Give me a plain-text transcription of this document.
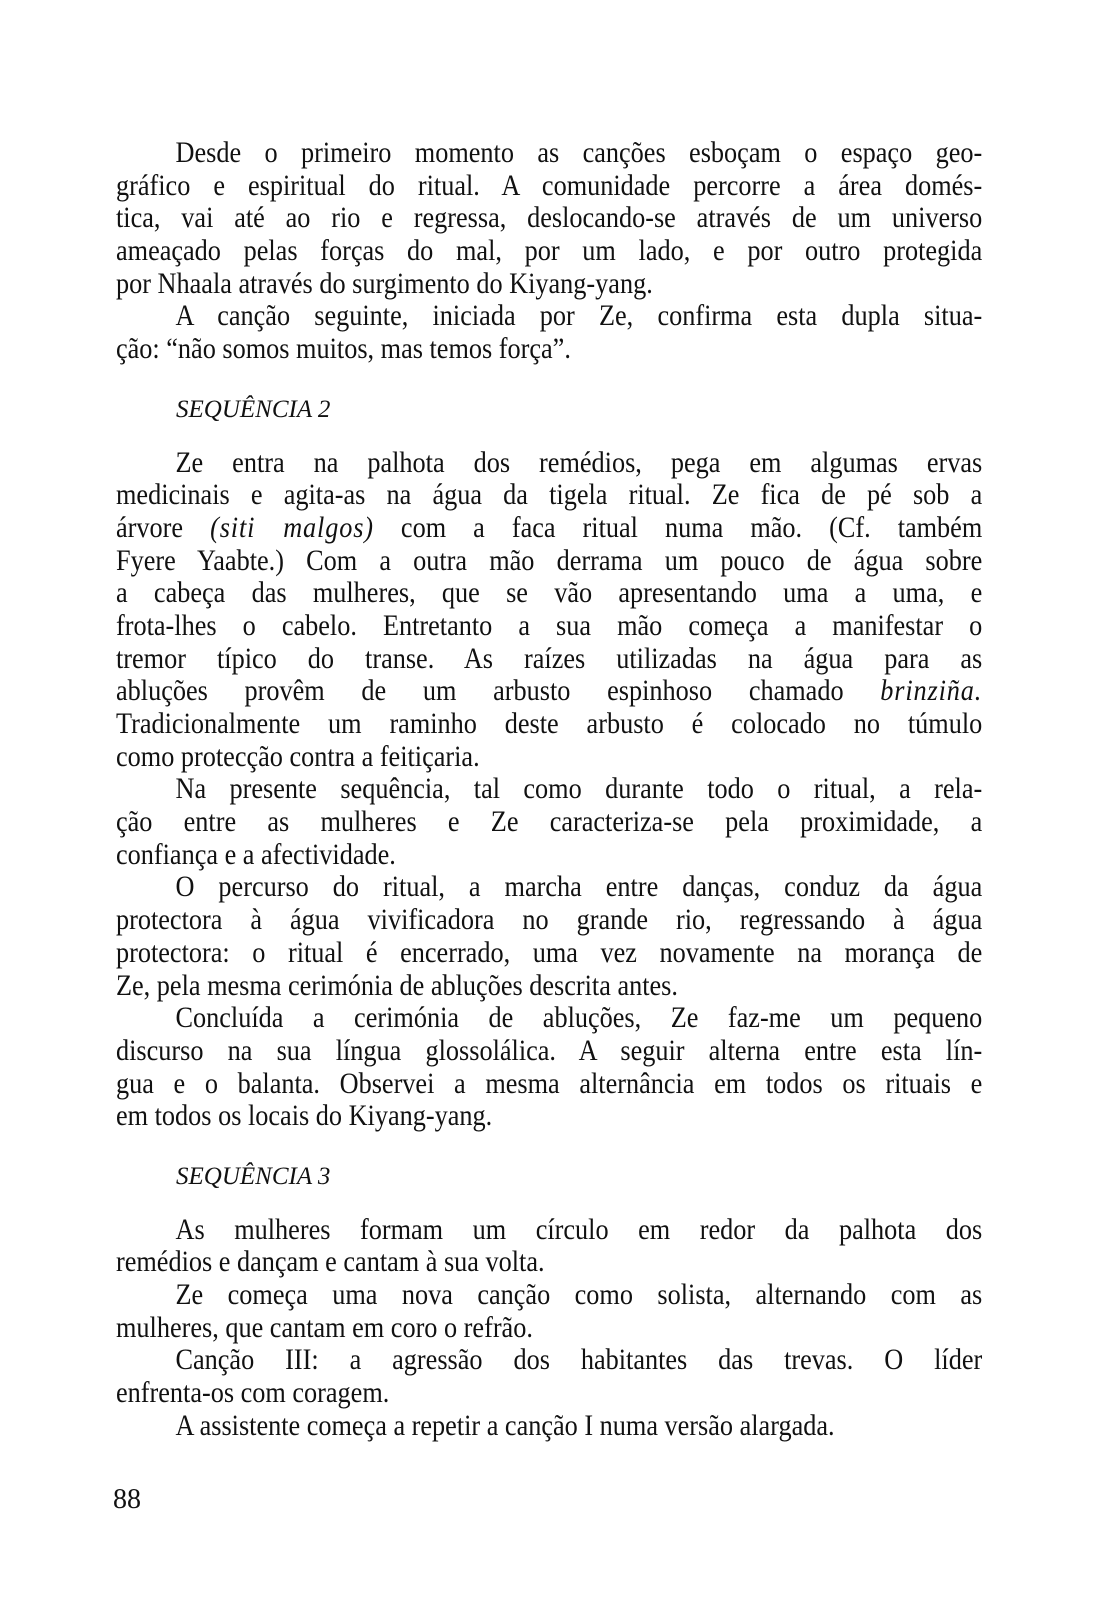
Desde o primeiro momento as canções esboçam o espaço geo-
gráfico e espiritual do ritual. A comunidade percorre a área domés-
tica, vai até ao rio e regressa, deslocando-se através de um universo
ameaçado pelas forças do mal, por um lado, e por outro protegida
por Nhaala através do surgimento do Kiyang-yang.
A canção seguinte, iniciada por Ze, confirma esta dupla situa-
ção: “não somos muitos, mas temos força”.
SEQUÊNCIA 2
Ze entra na palhota dos remédios, pega em algumas ervas
medicinais e agita-as na água da tigela ritual. Ze fica de pé sob a
árvore (siti malgos) com a faca ritual numa mão. (Cf. também
Fyere Yaabte.) Com a outra mão derrama um pouco de água sobre
a cabeça das mulheres, que se vão apresentando uma a uma, e
frota-lhes o cabelo. Entretanto a sua mão começa a manifestar o
tremor típico do transe. As raízes utilizadas na água para as
abluções provêm de um arbusto espinhoso chamado brinziña.
Tradicionalmente um raminho deste arbusto é colocado no túmulo
como protecção contra a feitiçaria.
Na presente sequência, tal como durante todo o ritual, a rela-
ção entre as mulheres e Ze caracteriza-se pela proximidade, a
confiança e a afectividade.
O percurso do ritual, a marcha entre danças, conduz da água
protectora à água vivificadora no grande rio, regressando à água
protectora: o ritual é encerrado, uma vez novamente na morança de
Ze, pela mesma cerimónia de abluções descrita antes.
Concluída a cerimónia de abluções, Ze faz-me um pequeno
discurso na sua língua glossolálica. A seguir alterna entre esta lín-
gua e o balanta. Observei a mesma alternância em todos os rituais e
em todos os locais do Kiyang-yang.
SEQUÊNCIA 3
As mulheres formam um círculo em redor da palhota dos
remédios e dançam e cantam à sua volta.
Ze começa uma nova canção como solista, alternando com as
mulheres, que cantam em coro o refrão.
Canção III: a agressão dos habitantes das trevas. O líder
enfrenta-os com coragem.
A assistente começa a repetir a canção I numa versão alargada.
88
